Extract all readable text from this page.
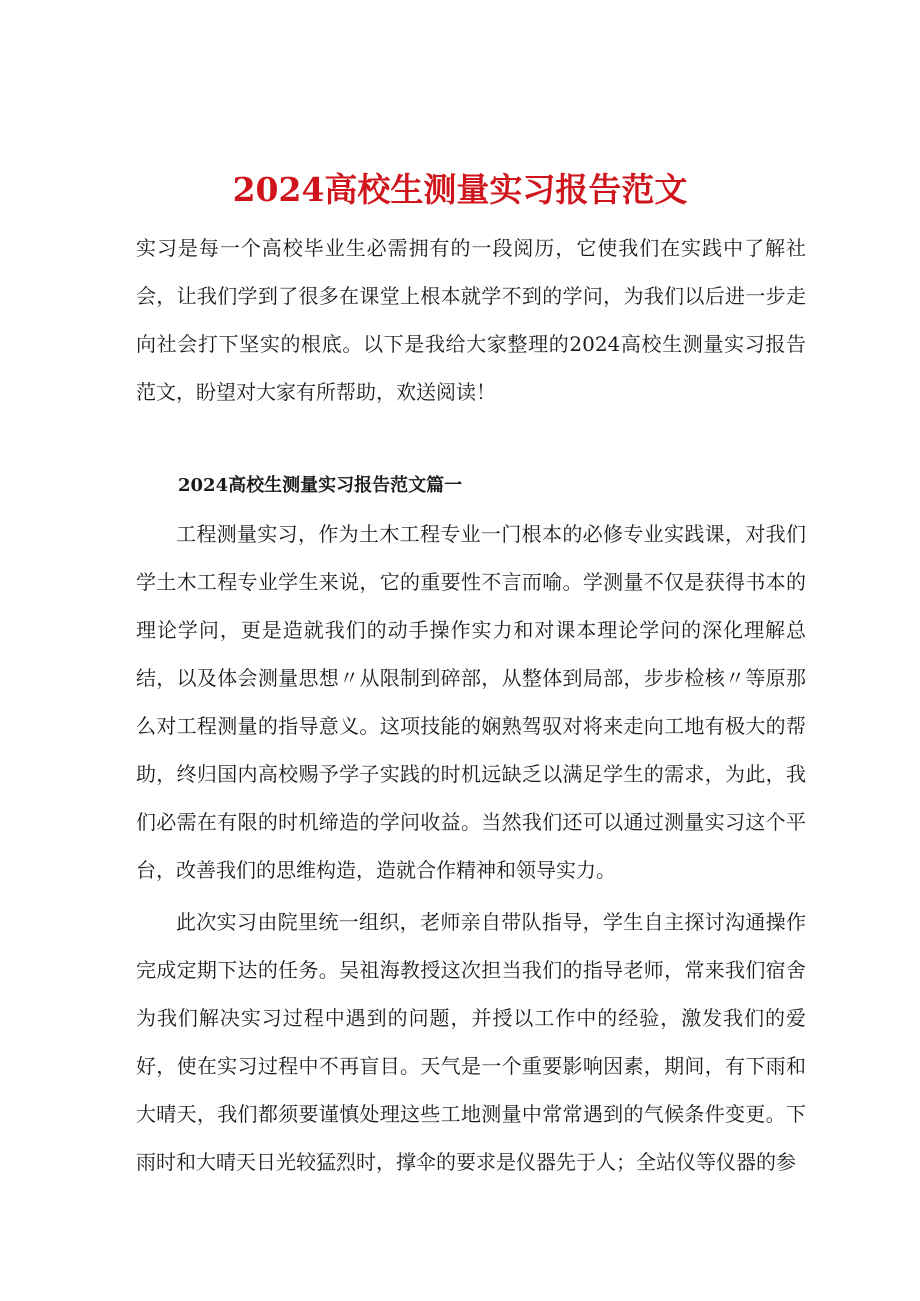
2024高校生测量实习报告范文

实习是每一个高校毕业生必需拥有的一段阅历，它使我们在实践中了解社会，让我们学到了很多在课堂上根本就学不到的学问，为我们以后进一步走向社会打下坚实的根底。以下是我给大家整理的2024高校生测量实习报告范文，盼望对大家有所帮助，欢送阅读！

2024高校生测量实习报告范文篇一

工程测量实习，作为土木工程专业一门根本的必修专业实践课，对我们学土木工程专业学生来说，它的重要性不言而喻。学测量不仅是获得书本的理论学问，更是造就我们的动手操作实力和对课本理论学问的深化理解总结，以及体会测量思想〃从限制到碎部，从整体到局部，步步检核〃等原那么对工程测量的指导意义。这项技能的娴熟驾驭对将来走向工地有极大的帮助，终归国内高校赐予学子实践的时机远缺乏以满足学生的需求，为此，我们必需在有限的时机缔造的学问收益。当然我们还可以通过测量实习这个平台，改善我们的思维构造，造就合作精神和领导实力。

此次实习由院里统一组织，老师亲自带队指导，学生自主探讨沟通操作完成定期下达的任务。吴祖海教授这次担当我们的指导老师，常来我们宿舍为我们解决实习过程中遇到的问题，并授以工作中的经验，激发我们的爱好，使在实习过程中不再盲目。天气是一个重要影响因素，期间，有下雨和大晴天，我们都须要谨慎处理这些工地测量中常常遇到的气候条件变更。下雨时和大晴天日光较猛烈时，撑伞的要求是仪器先于人；全站仪等仪器的参
